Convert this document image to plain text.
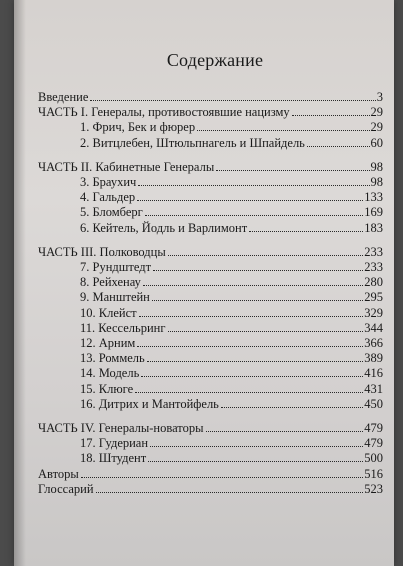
Содержание
Введение	3
ЧАСТЬ I. Генералы, противостоявшие нацизму	29
1. Фрич, Бек и фюрер	29
2. Витцлебен, Штюльпнагель и Шпайдель	60
ЧАСТЬ II. Кабинетные Генералы	98
3. Браухич	98
4. Гальдер	133
5. Бломберг	169
6. Кейтель, Йодль и Варлимонт	183
ЧАСТЬ III. Полководцы	233
7. Рундштедт	233
8. Рейхенау	280
9. Манштейн	295
10. Клейст	329
11. Кессельринг	344
12. Арним	366
13. Роммель	389
14. Модель	416
15. Клюге	431
16. Дитрих и Мантойфель	450
ЧАСТЬ IV. Генералы-новаторы	479
17. Гудериан	479
18. Штудент	500
Авторы	516
Глоссарий	523
